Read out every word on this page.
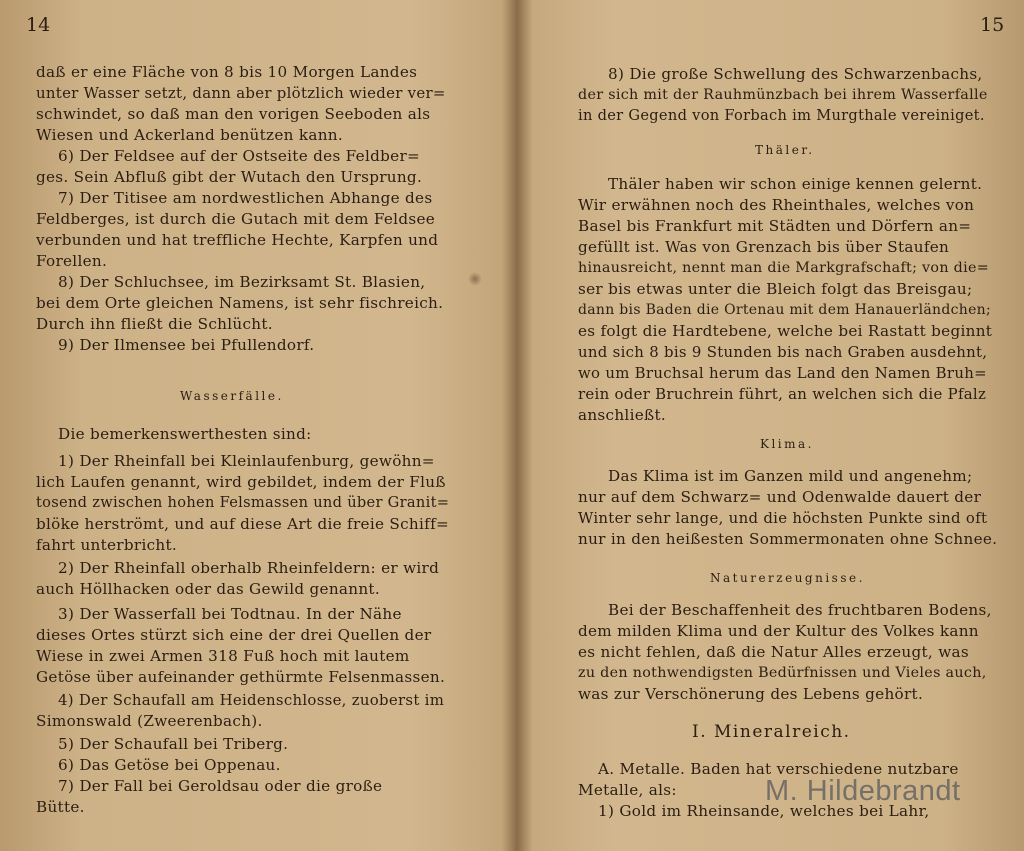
14
daß er eine Fläche von 8 bis 10 Morgen Landes
unter Wasser setzt, dann aber plötzlich wieder ver=
schwindet, so daß man den vorigen Seeboden als
Wiesen und Ackerland benützen kann.
6) Der Feldsee auf der Ostseite des Feldber=
ges. Sein Abfluß gibt der Wutach den Ursprung.
7) Der Titisee am nordwestlichen Abhange des
Feldberges, ist durch die Gutach mit dem Feldsee
verbunden und hat treffliche Hechte, Karpfen und
Forellen.
8) Der Schluchsee, im Bezirksamt St. Blasien,
bei dem Orte gleichen Namens, ist sehr fischreich.
Durch ihn fließt die Schlücht.
9) Der Ilmensee bei Pfullendorf.
Wasserfälle.
Die bemerkenswerthesten sind:
1) Der Rheinfall bei Kleinlaufenburg, gewöhn=
lich Laufen genannt, wird gebildet, indem der Fluß
tosend zwischen hohen Felsmassen und über Granit=
blöke herströmt, und auf diese Art die freie Schiff=
fahrt unterbricht.
2) Der Rheinfall oberhalb Rheinfeldern: er wird
auch Höllhacken oder das Gewild genannt.
3) Der Wasserfall bei Todtnau. In der Nähe
dieses Ortes stürzt sich eine der drei Quellen der
Wiese in zwei Armen 318 Fuß hoch mit lautem
Getöse über aufeinander gethürmte Felsenmassen.
4) Der Schaufall am Heidenschlosse, zuoberst im
Simonswald (Zweerenbach).
5) Der Schaufall bei Triberg.
6) Das Getöse bei Oppenau.
7) Der Fall bei Geroldsau oder die große
Bütte.
15
8) Die große Schwellung des Schwarzenbachs,
der sich mit der Rauhmünzbach bei ihrem Wasserfalle
in der Gegend von Forbach im Murgthale vereiniget.
Thäler.
Thäler haben wir schon einige kennen gelernt.
Wir erwähnen noch des Rheinthales, welches von
Basel bis Frankfurt mit Städten und Dörfern an=
gefüllt ist. Was von Grenzach bis über Staufen
hinausreicht, nennt man die Markgrafschaft; von die=
ser bis etwas unter die Bleich folgt das Breisgau;
dann bis Baden die Ortenau mit dem Hanauerländchen;
es folgt die Hardtebene, welche bei Rastatt beginnt
und sich 8 bis 9 Stunden bis nach Graben ausdehnt,
wo um Bruchsal herum das Land den Namen Bruh=
rein oder Bruchrein führt, an welchen sich die Pfalz
anschließt.
Klima.
Das Klima ist im Ganzen mild und angenehm;
nur auf dem Schwarz= und Odenwalde dauert der
Winter sehr lange, und die höchsten Punkte sind oft
nur in den heißesten Sommermonaten ohne Schnee.
Naturerzeugnisse.
Bei der Beschaffenheit des fruchtbaren Bodens,
dem milden Klima und der Kultur des Volkes kann
es nicht fehlen, daß die Natur Alles erzeugt, was
zu den nothwendigsten Bedürfnissen und Vieles auch,
was zur Verschönerung des Lebens gehört.
I. Mineralreich.
A. Metalle. Baden hat verschiedene nutzbare
Metalle, als:
1) Gold im Rheinsande, welches bei Lahr,
M. Hildebrandt
